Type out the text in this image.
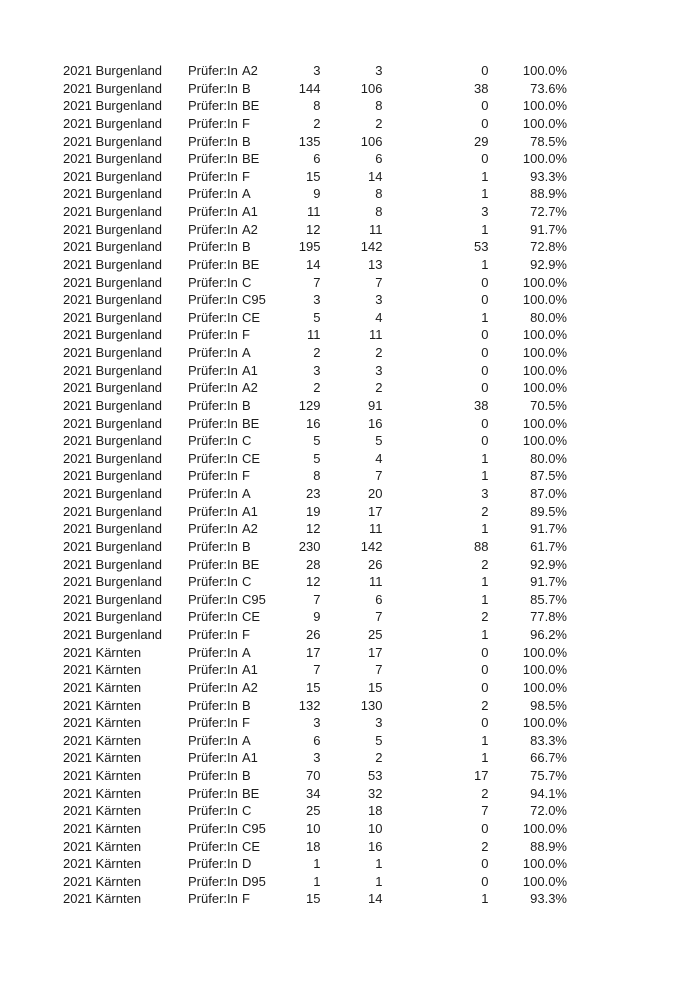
2021 Burgenland	Prüfer:In A2	3	3	0	100.0%
2021 Burgenland	Prüfer:In B	144	106	38	73.6%
2021 Burgenland	Prüfer:In BE	8	8	0	100.0%
2021 Burgenland	Prüfer:In F	2	2	0	100.0%
2021 Burgenland	Prüfer:In B	135	106	29	78.5%
2021 Burgenland	Prüfer:In BE	6	6	0	100.0%
2021 Burgenland	Prüfer:In F	15	14	1	93.3%
2021 Burgenland	Prüfer:In A	9	8	1	88.9%
2021 Burgenland	Prüfer:In A1	11	8	3	72.7%
2021 Burgenland	Prüfer:In A2	12	11	1	91.7%
2021 Burgenland	Prüfer:In B	195	142	53	72.8%
2021 Burgenland	Prüfer:In BE	14	13	1	92.9%
2021 Burgenland	Prüfer:In C	7	7	0	100.0%
2021 Burgenland	Prüfer:In C95	3	3	0	100.0%
2021 Burgenland	Prüfer:In CE	5	4	1	80.0%
2021 Burgenland	Prüfer:In F	11	11	0	100.0%
2021 Burgenland	Prüfer:In A	2	2	0	100.0%
2021 Burgenland	Prüfer:In A1	3	3	0	100.0%
2021 Burgenland	Prüfer:In A2	2	2	0	100.0%
2021 Burgenland	Prüfer:In B	129	91	38	70.5%
2021 Burgenland	Prüfer:In BE	16	16	0	100.0%
2021 Burgenland	Prüfer:In C	5	5	0	100.0%
2021 Burgenland	Prüfer:In CE	5	4	1	80.0%
2021 Burgenland	Prüfer:In F	8	7	1	87.5%
2021 Burgenland	Prüfer:In A	23	20	3	87.0%
2021 Burgenland	Prüfer:In A1	19	17	2	89.5%
2021 Burgenland	Prüfer:In A2	12	11	1	91.7%
2021 Burgenland	Prüfer:In B	230	142	88	61.7%
2021 Burgenland	Prüfer:In BE	28	26	2	92.9%
2021 Burgenland	Prüfer:In C	12	11	1	91.7%
2021 Burgenland	Prüfer:In C95	7	6	1	85.7%
2021 Burgenland	Prüfer:In CE	9	7	2	77.8%
2021 Burgenland	Prüfer:In F	26	25	1	96.2%
2021 Kärnten	Prüfer:In A	17	17	0	100.0%
2021 Kärnten	Prüfer:In A1	7	7	0	100.0%
2021 Kärnten	Prüfer:In A2	15	15	0	100.0%
2021 Kärnten	Prüfer:In B	132	130	2	98.5%
2021 Kärnten	Prüfer:In F	3	3	0	100.0%
2021 Kärnten	Prüfer:In A	6	5	1	83.3%
2021 Kärnten	Prüfer:In A1	3	2	1	66.7%
2021 Kärnten	Prüfer:In B	70	53	17	75.7%
2021 Kärnten	Prüfer:In BE	34	32	2	94.1%
2021 Kärnten	Prüfer:In C	25	18	7	72.0%
2021 Kärnten	Prüfer:In C95	10	10	0	100.0%
2021 Kärnten	Prüfer:In CE	18	16	2	88.9%
2021 Kärnten	Prüfer:In D	1	1	0	100.0%
2021 Kärnten	Prüfer:In D95	1	1	0	100.0%
2021 Kärnten	Prüfer:In F	15	14	1	93.3%
